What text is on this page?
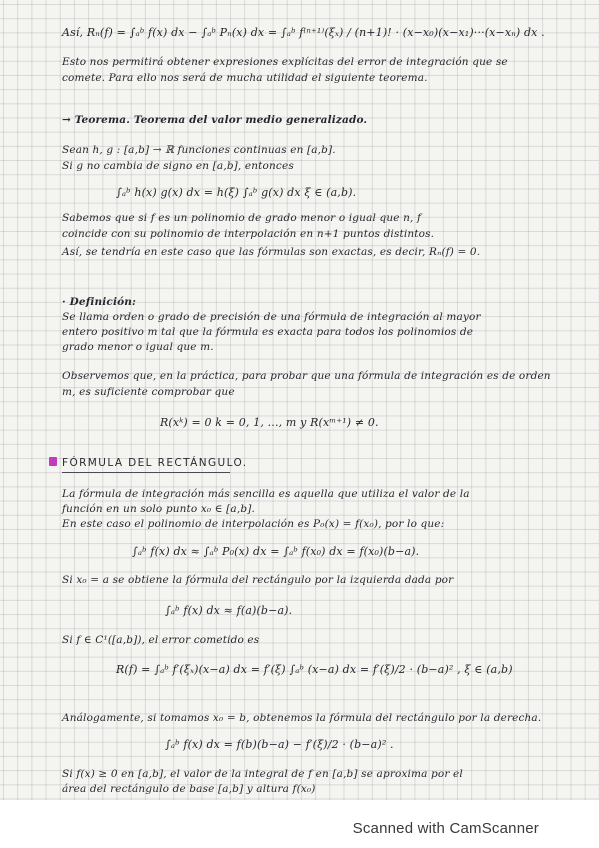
Así, Rₙ(f) = ∫ₐᵇ f(x) dx − ∫ₐᵇ Pₙ(x) dx = ∫ₐᵇ f⁽ⁿ⁺¹⁾(ξₓ) / (n+1)! · (x−x₀)(x−x₁)···(x−xₙ) dx .
Esto nos permitirá obtener expresiones explícitas del error de integración que se
comete. Para ello nos será de mucha utilidad el siguiente teorema.
→ Teorema. Teorema del valor medio generalizado.
Sean h, g : [a,b] → ℝ funciones continuas en [a,b].
Si g no cambia de signo en [a,b], entonces
∫ₐᵇ h(x) g(x) dx = h(ξ) ∫ₐᵇ g(x) dx ξ ∈ (a,b).
Sabemos que si f es un polinomio de grado menor o igual que n, f
coincide con su polinomio de interpolación en n+1 puntos distintos.
Así, se tendría en este caso que las fórmulas son exactas, es decir, Rₙ(f) = 0.
· Definición:
Se llama orden o grado de precisión de una fórmula de integración al mayor
entero positivo m tal que la fórmula es exacta para todos los polinomios de
grado menor o igual que m.
Observemos que, en la práctica, para probar que una fórmula de integración es de orden
m, es suficiente comprobar que
R(xᵏ) = 0 k = 0, 1, ..., m y R(xᵐ⁺¹) ≠ 0.
FÓRMULA DEL RECTÁNGULO.
La fórmula de integración más sencilla es aquella que utiliza el valor de la
función en un solo punto x₀ ∈ [a,b].
En este caso el polinomio de interpolación es P₀(x) = f(x₀), por lo que:
∫ₐᵇ f(x) dx ≈ ∫ₐᵇ P₀(x) dx = ∫ₐᵇ f(x₀) dx = f(x₀)(b−a).
Si x₀ = a se obtiene la fórmula del rectángulo por la izquierda dada por
∫ₐᵇ f(x) dx ≈ f(a)(b−a).
Si f ∈ C¹([a,b]), el error cometido es
R(f) = ∫ₐᵇ f′(ξₓ)(x−a) dx = f′(ξ) ∫ₐᵇ (x−a) dx = f′(ξ)/2 · (b−a)² , ξ ∈ (a,b)
Análogamente, si tomamos x₀ = b, obtenemos la fórmula del rectángulo por la derecha.
∫ₐᵇ f(x) dx = f(b)(b−a) − f′(ξ)/2 · (b−a)² .
Si f(x) ≥ 0 en [a,b], el valor de la integral de f en [a,b] se aproxima por el
área del rectángulo de base [a,b] y altura f(x₀)
Scanned with CamScanner
